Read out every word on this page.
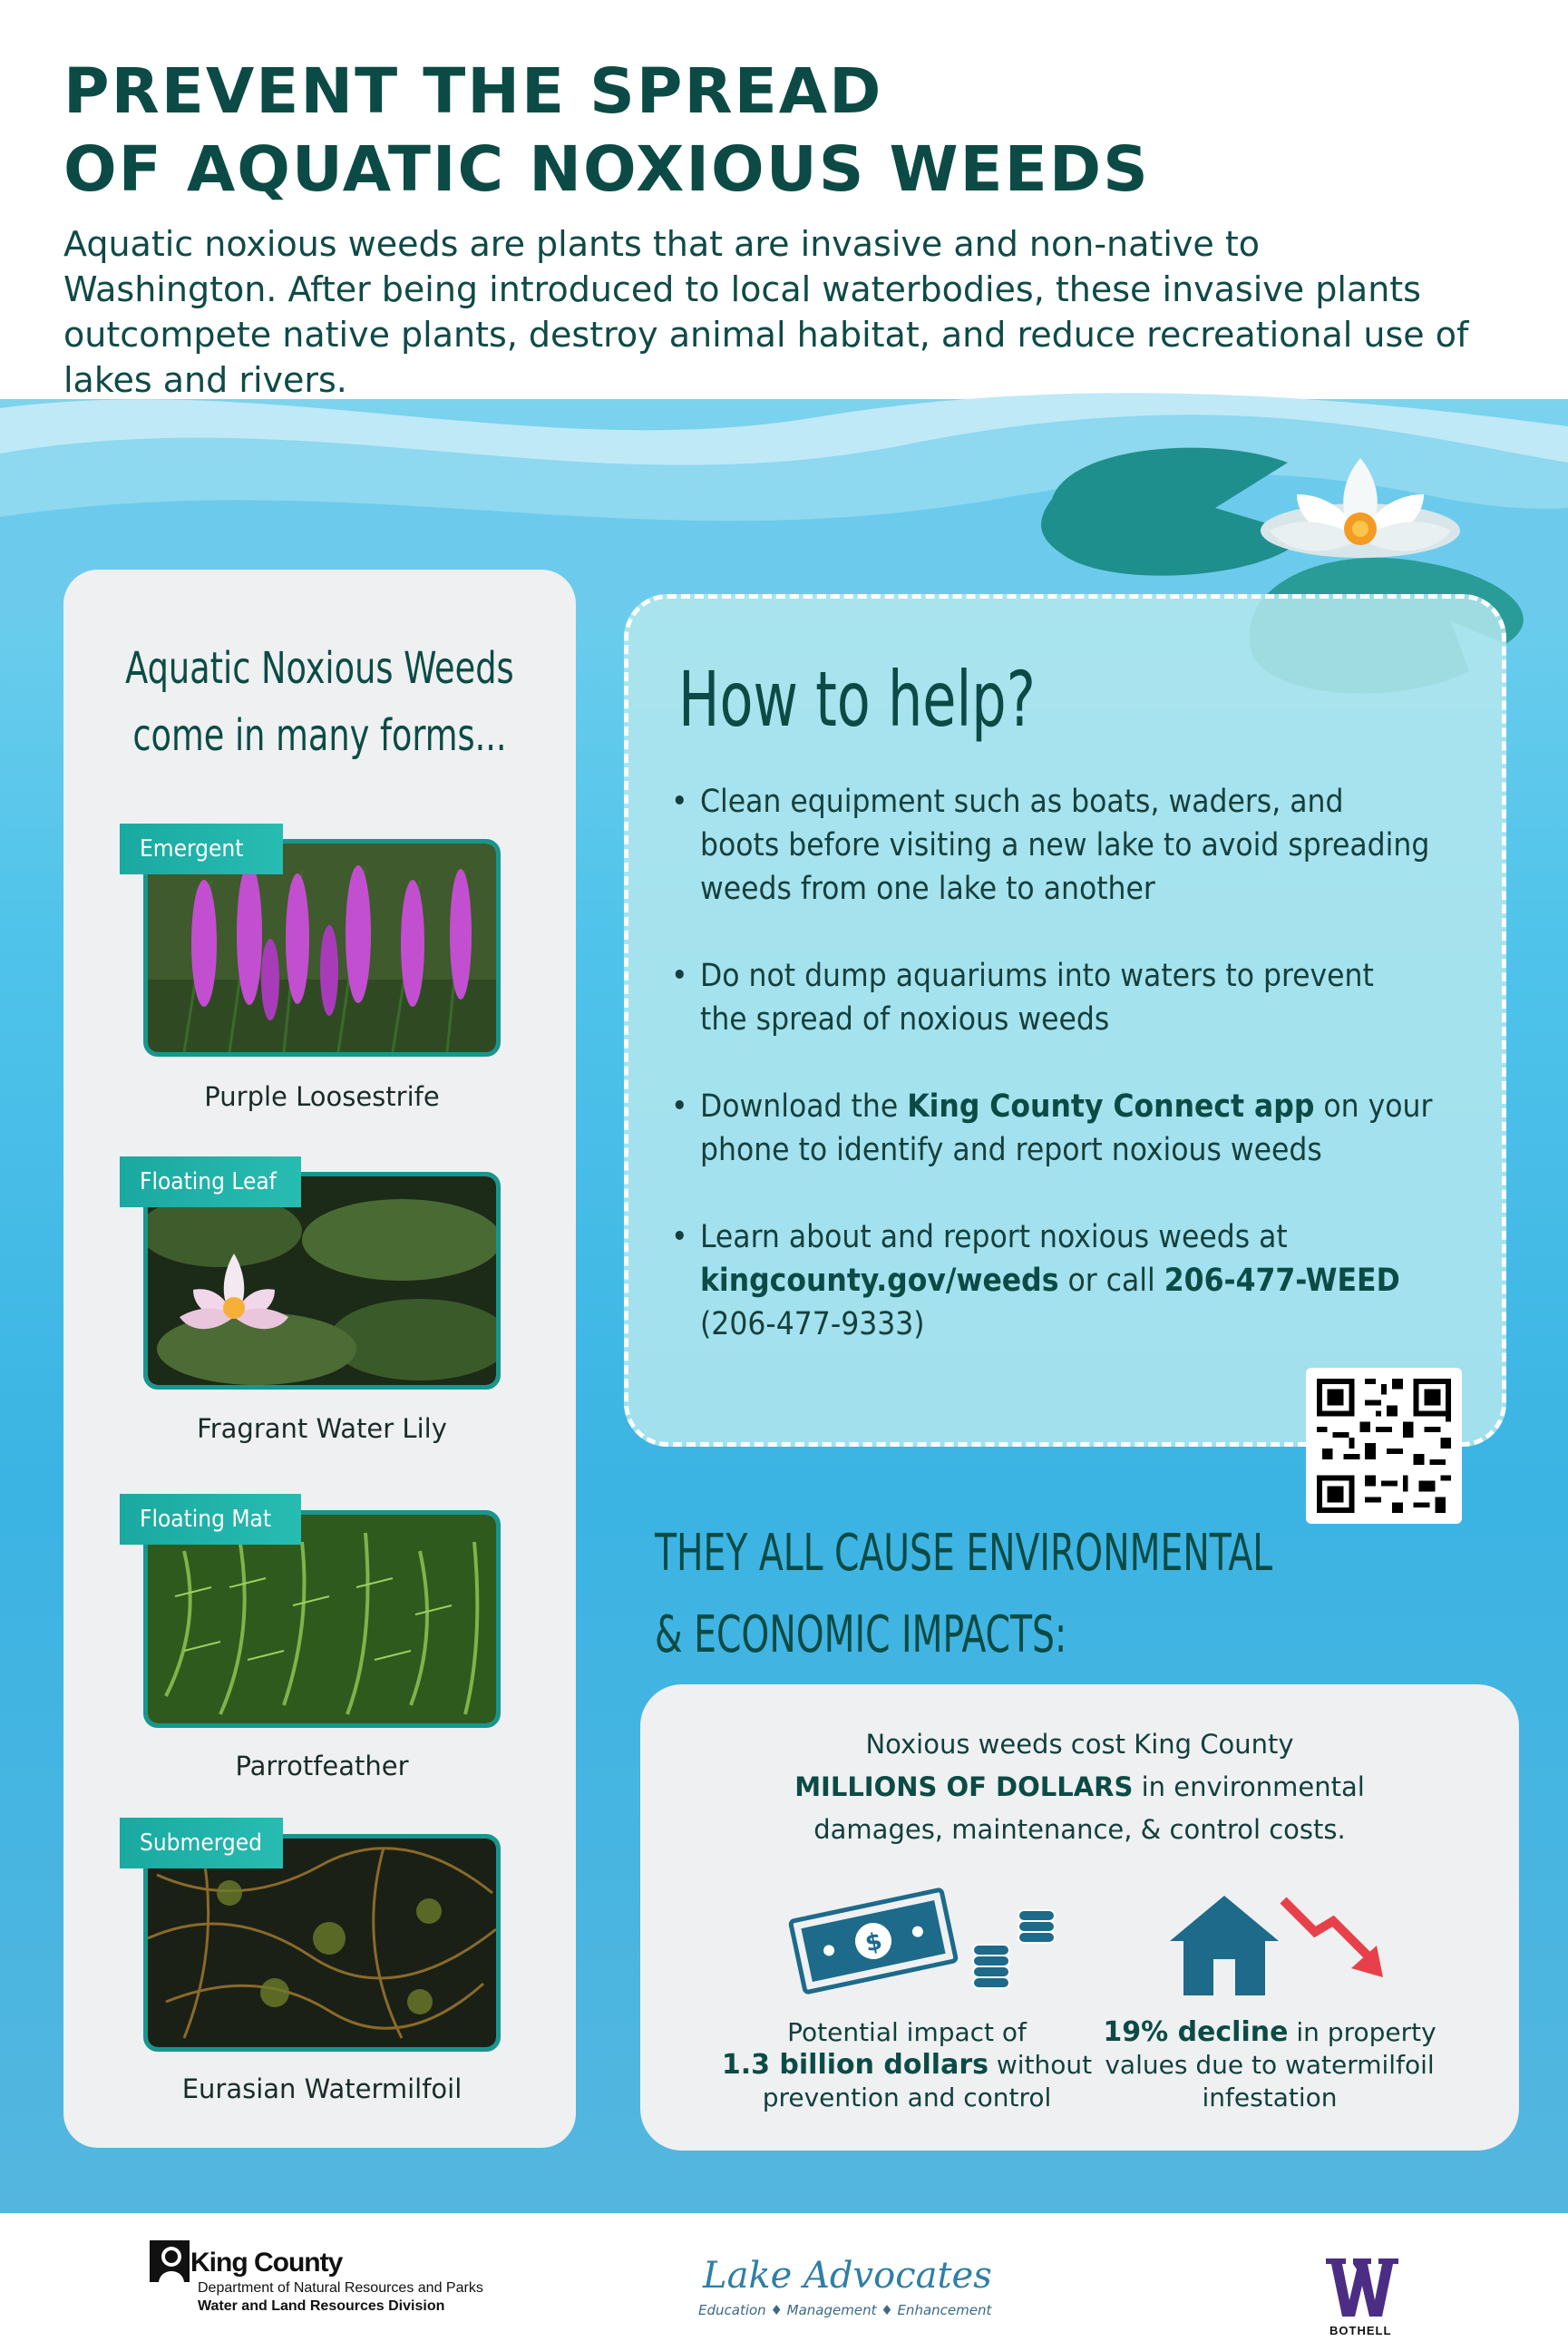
PREVENT THE SPREAD
OF AQUATIC NOXIOUS WEEDS

Aquatic noxious weeds are plants that are invasive and non-native to
Washington. After being introduced to local waterbodies, these invasive plants
outcompete native plants, destroy animal habitat, and reduce recreational use of
lakes and rivers.

Aquatic Noxious Weeds
come in many forms...
Emergent
Purple Loosestrife
Floating Leaf
Fragrant Water Lily
Floating Mat
Parrotfeather
Submerged
Eurasian Watermilfoil
How to help?
• Clean equipment such as boats, waders, and
boots before visiting a new lake to avoid spreading
weeds from one lake to another
• Do not dump aquariums into waters to prevent
the spread of noxious weeds
• Download the King County Connect app on your
phone to identify and report noxious weeds
• Learn about and report noxious weeds at
kingcounty.gov/weeds or call 206-477-WEED
(206-477-9333)
THEY ALL CAUSE ENVIRONMENTAL
& ECONOMIC IMPACTS:

Noxious weeds cost King County
MILLIONS OF DOLLARS in environmental
damages, maintenance, & control costs.

$
Potential impact of
1.3 billion dollars without
prevention and control
19% decline in property
values due to watermilfoil
infestation
King County
Department of Natural Resources and Parks
Water and Land Resources Division
Lake Advocates
Education ♦ Management ♦ Enhancement
BOTHELL
